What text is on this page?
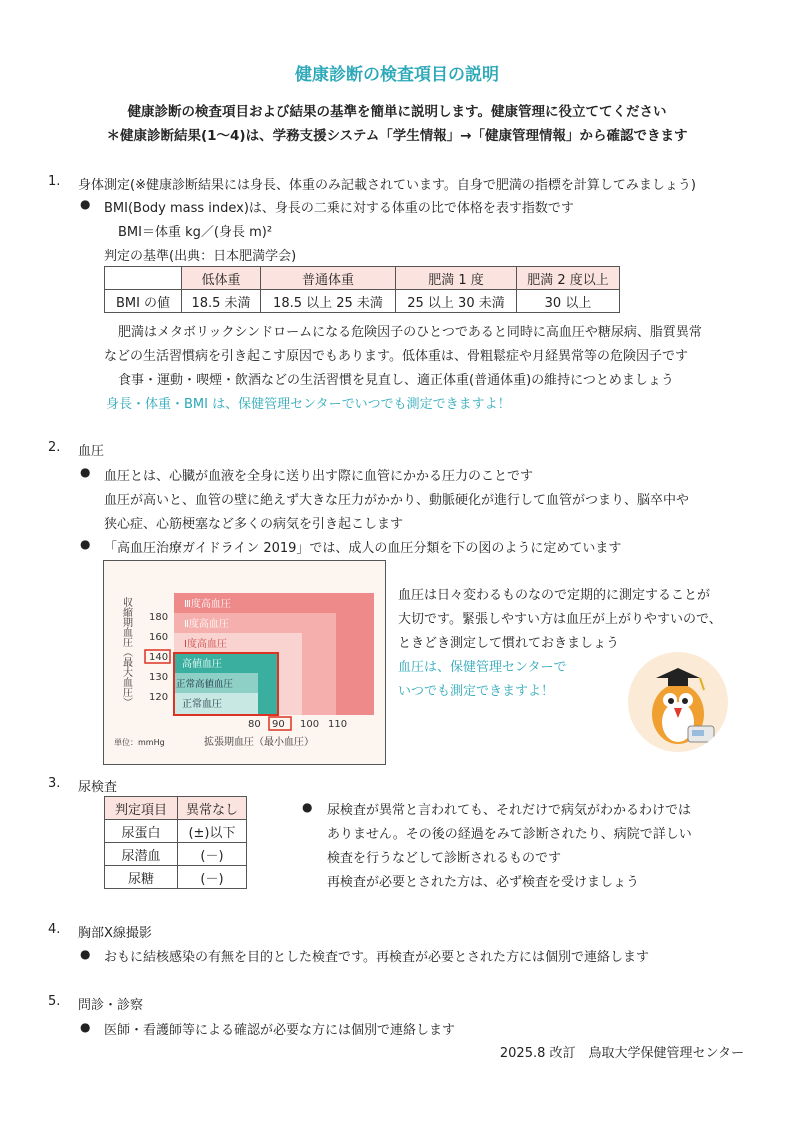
健康診断の検査項目の説明
健康診断の検査項目および結果の基準を簡単に説明します。健康管理に役立ててください
＊健康診断結果(1～4)は、学務支援システム「学生情報」→「健康管理情報」から確認できます
1. 身体測定(※健康診断結果には身長、体重のみ記載されています。自身で肥満の指標を計算してみましょう)
● BMI(Body mass index)は、身長の二乗に対する体重の比で体格を表す指数です
BMI＝体重 kg／(身長 m)²
判定の基準(出典：日本肥満学会)
	低体重	普通体重	肥満 1 度	肥満 2 度以上
BMI の値	18.5 未満	18.5 以上 25 未満	25 以上 30 未満	30 以上
肥満はメタボリックシンドロームになる危険因子のひとつであると同時に高血圧や糖尿病、脂質異常
などの生活習慣病を引き起こす原因でもあります。低体重は、骨粗鬆症や月経異常等の危険因子です
食事・運動・喫煙・飲酒などの生活習慣を見直し、適正体重(普通体重)の維持につとめましょう
身長・体重・BMI は、保健管理センターでいつでも測定できますよ！
2. 血圧
● 血圧とは、心臓が血液を全身に送り出す際に血管にかかる圧力のことです
血圧が高いと、血管の壁に絶えず大きな圧力がかかり、動脈硬化が進行して血管がつまり、脳卒中や
狭心症、心筋梗塞など多くの病気を引き起こします
● 「高血圧治療ガイドライン 2019」では、成人の血圧分類を下の図のように定めています
Ⅲ度高血圧
Ⅱ度高血圧
Ⅰ度高血圧
高値血圧
正常高値血圧
正常血圧
収縮期血圧（最大血圧） 180
160
140
130
120
80 90 100 110
単位：mmHg	拡張期血圧（最小血圧）
血圧は日々変わるものなので定期的に測定することが
大切です。緊張しやすい方は血圧が上がりやすいので、
ときどき測定して慣れておきましょう
血圧は、保健管理センターで
いつでも測定できますよ！
3. 尿検査
判定項目	異常なし
尿蛋白	(±)以下
尿潜血	(－)
尿糖	(－)
● 尿検査が異常と言われても、それだけで病気がわかるわけでは
ありません。その後の経過をみて診断されたり、病院で詳しい
検査を行うなどして診断されるものです
再検査が必要とされた方は、必ず検査を受けましょう
4. 胸部X線撮影
● おもに結核感染の有無を目的とした検査です。再検査が必要とされた方には個別で連絡します
5. 問診・診察
● 医師・看護師等による確認が必要な方には個別で連絡します
2025.8 改訂　鳥取大学保健管理センター
